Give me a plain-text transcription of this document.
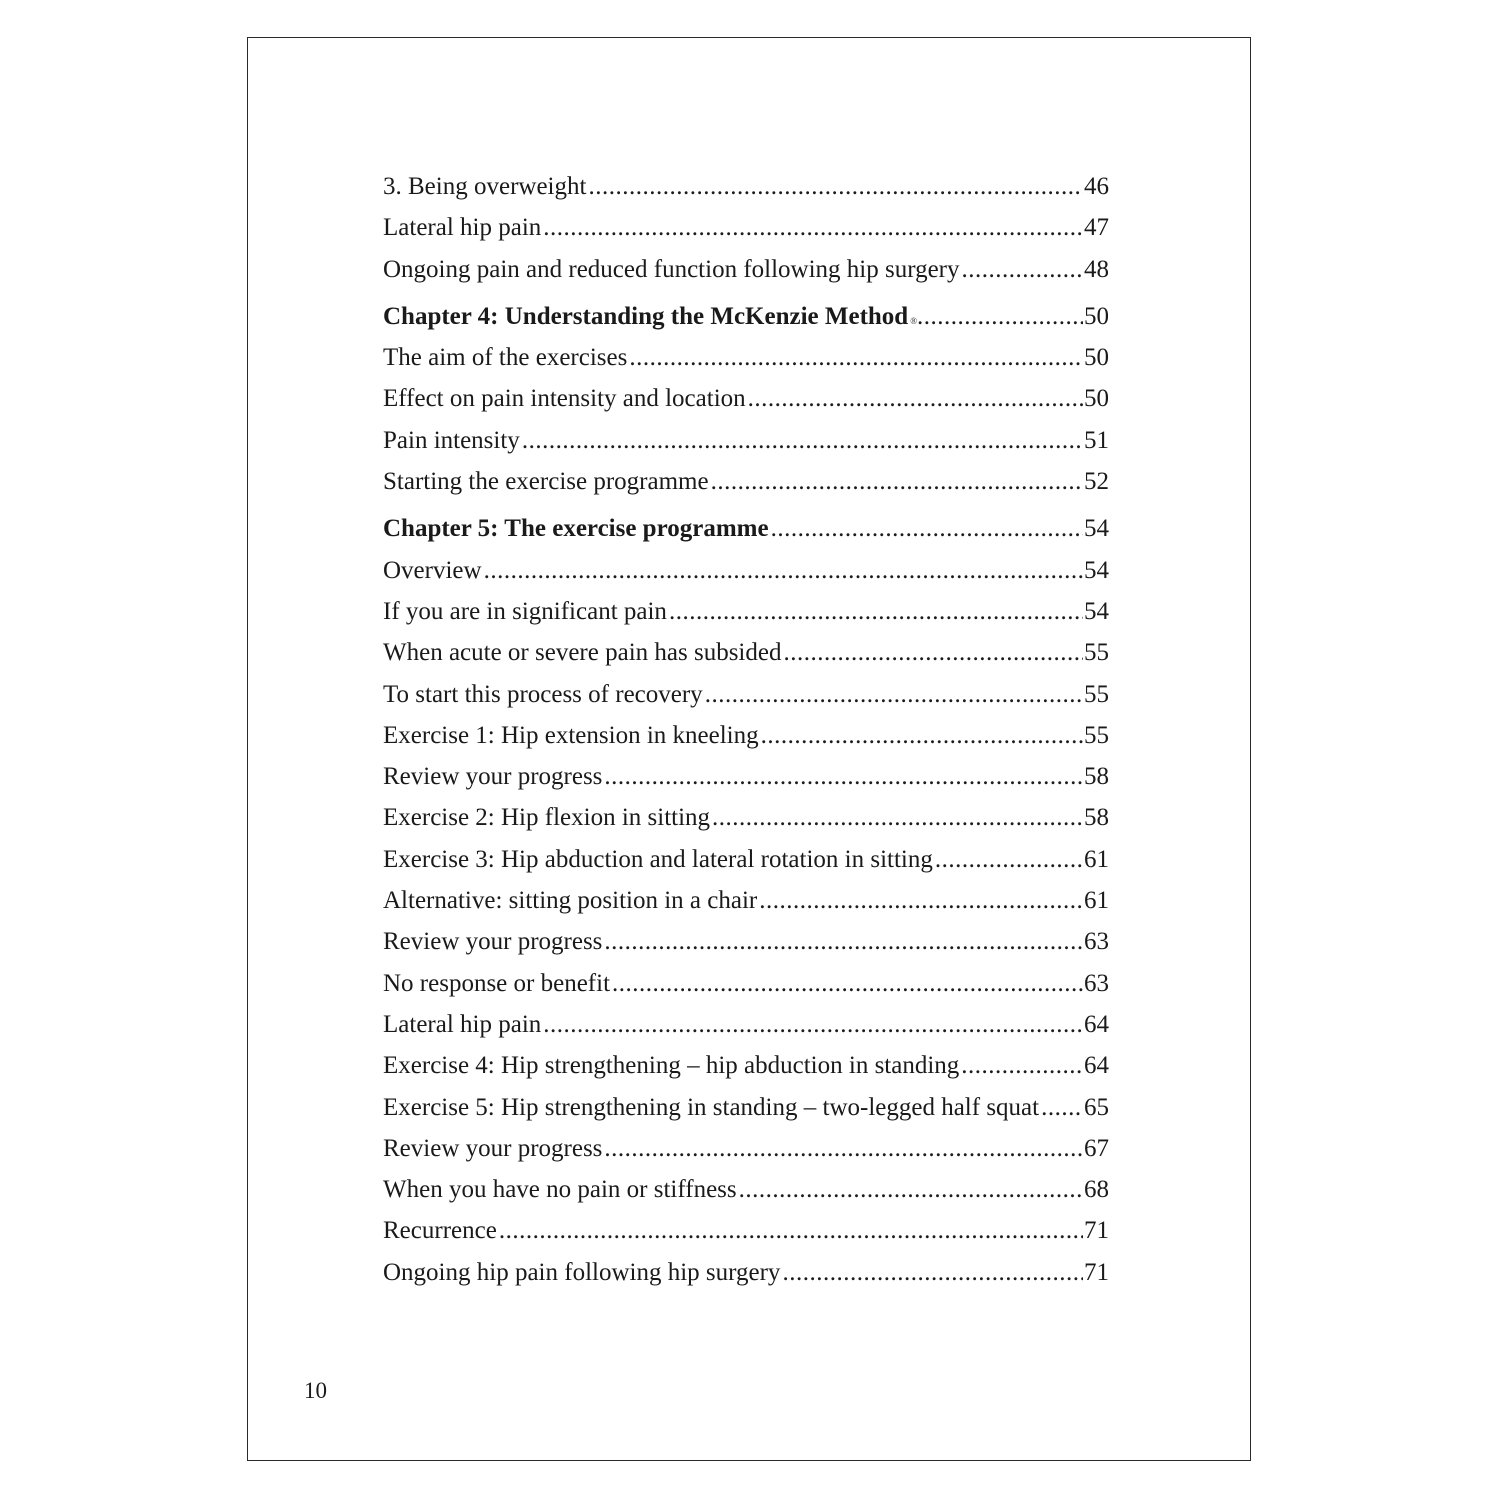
3. Being overweight .....	46
Lateral hip pain .....	47
Ongoing pain and reduced function following hip surgery .....	48
Chapter 4: Understanding the McKenzie Method ® .....	50
The aim of the exercises .....	50
Effect on pain intensity and location .....	50
Pain intensity .....	51
Starting the exercise programme .....	52
Chapter 5: The exercise programme .....	54
Overview .....	54
If you are in significant pain .....	54
When acute or severe pain has subsided .....	55
To start this process of recovery .....	55
Exercise 1: Hip extension in kneeling .....	55
Review your progress .....	58
Exercise 2: Hip flexion in sitting .....	58
Exercise 3: Hip abduction and lateral rotation in sitting .....	61
Alternative: sitting position in a chair .....	61
Review your progress .....	63
No response or benefit .....	63
Lateral hip pain .....	64
Exercise 4: Hip strengthening – hip abduction in standing .....	64
Exercise 5: Hip strengthening in standing – two-legged half squat ..... 65
Review your progress .....	67
When you have no pain or stiffness .....	68
Recurrence .....	71
Ongoing hip pain following hip surgery .....	71
10
